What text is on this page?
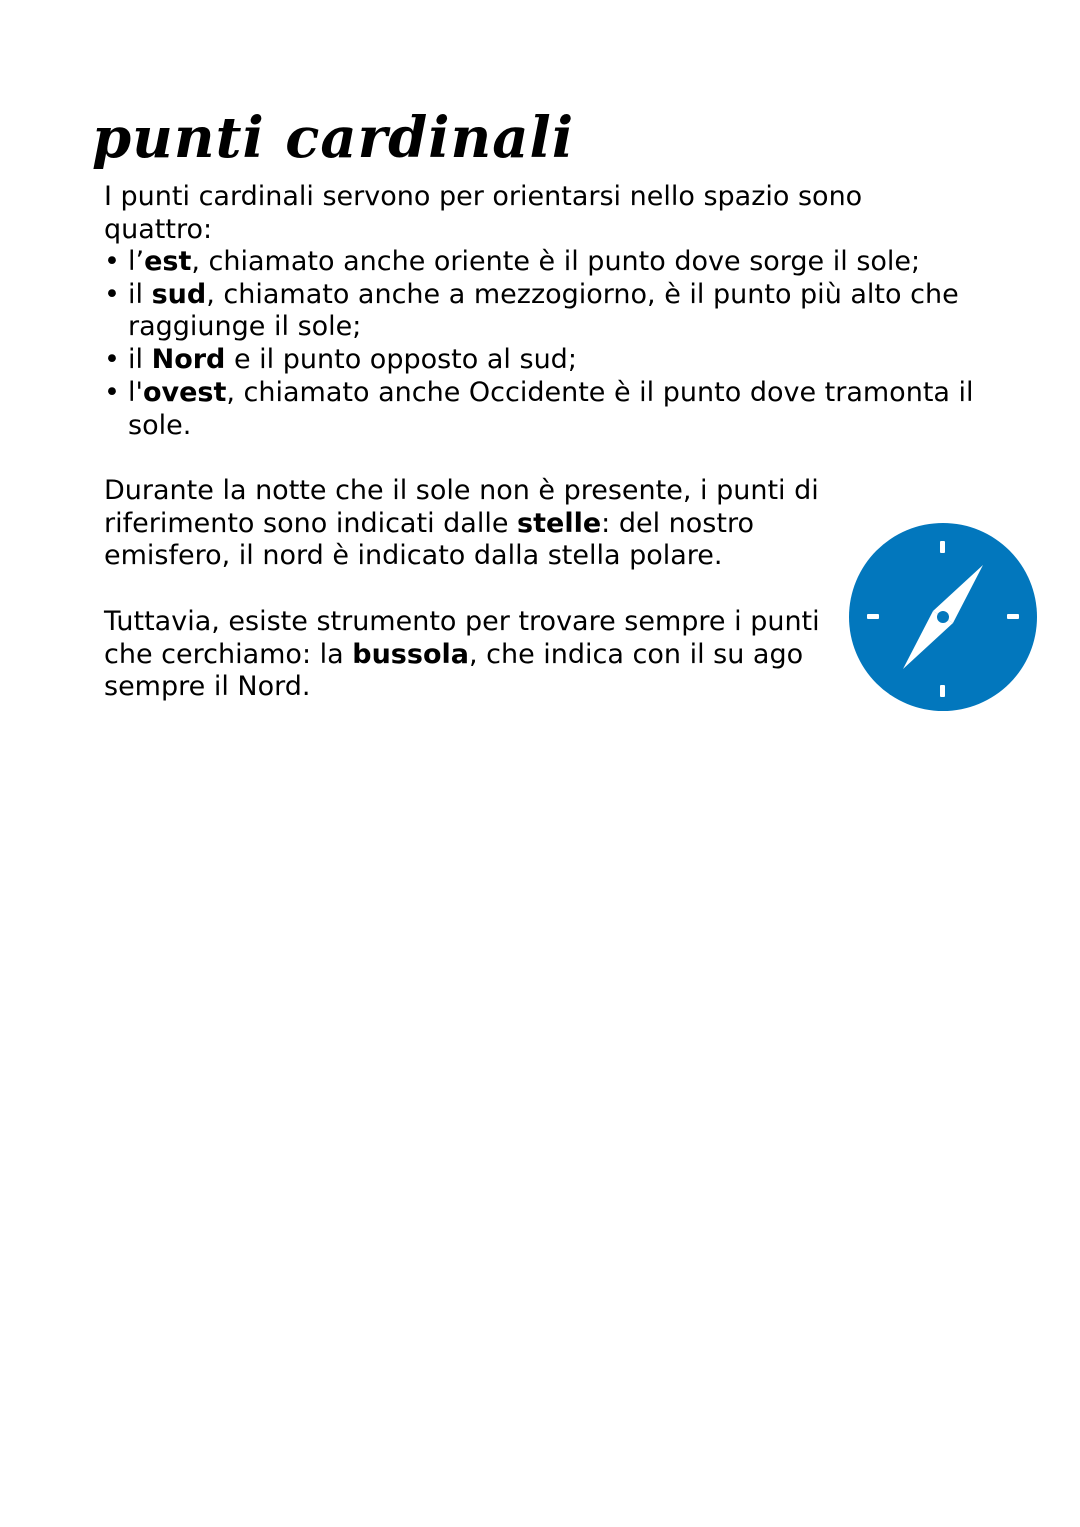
punti cardinali

I punti cardinali servono per orientarsi nello spazio sono quattro:

• l’est, chiamato anche oriente è il punto dove sorge il sole;
• il sud, chiamato anche a mezzogiorno, è il punto più alto che raggiunge il sole;
• il Nord e il punto opposto al sud;
• l'ovest, chiamato anche Occidente è il punto dove tramonta il sole.

Durante la notte che il sole non è presente, i punti di riferimento sono indicati dalle stelle: del nostro emisfero, il nord è indicato dalla stella polare.

Tuttavia, esiste strumento per trovare sempre i punti che cerchiamo: la bussola, che indica con il su ago sempre il Nord.
